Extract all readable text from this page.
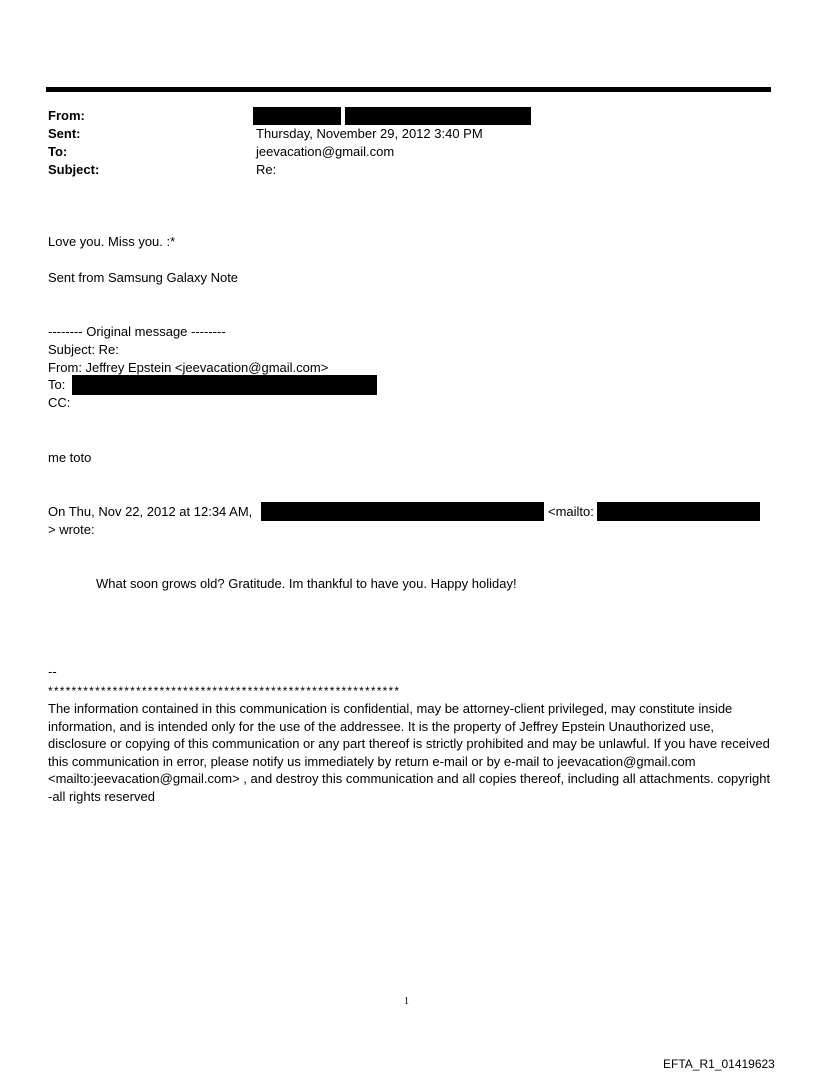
From:
Sent:	Thursday, November 29, 2012 3:40 PM
To:	jeevacation@gmail.com
Subject:	Re:
Love you. Miss you. :*
Sent from Samsung Galaxy Note
-------- Original message --------
Subject: Re:
From: Jeffrey Epstein <jeevacation@gmail.com>
To:
CC:
me toto
On Thu, Nov 22, 2012 at 12:34 AM,	<mailto:
> wrote:
What soon grows old? Gratitude. Im thankful to have you. Happy holiday!
--
************************************************************
The information contained in this communication is confidential, may be attorney-client privileged, may constitute inside information, and is intended only for the use of the addressee. It is the property of Jeffrey Epstein Unauthorized use, disclosure or copying of this communication or any part thereof is strictly prohibited and may be unlawful. If you have received this communication in error, please notify us immediately by return e-mail or by e-mail to jeevacation@gmail.com <mailto:jeevacation@gmail.com> , and destroy this communication and all copies thereof, including all attachments. copyright -all rights reserved
1
EFTA_R1_01419623
